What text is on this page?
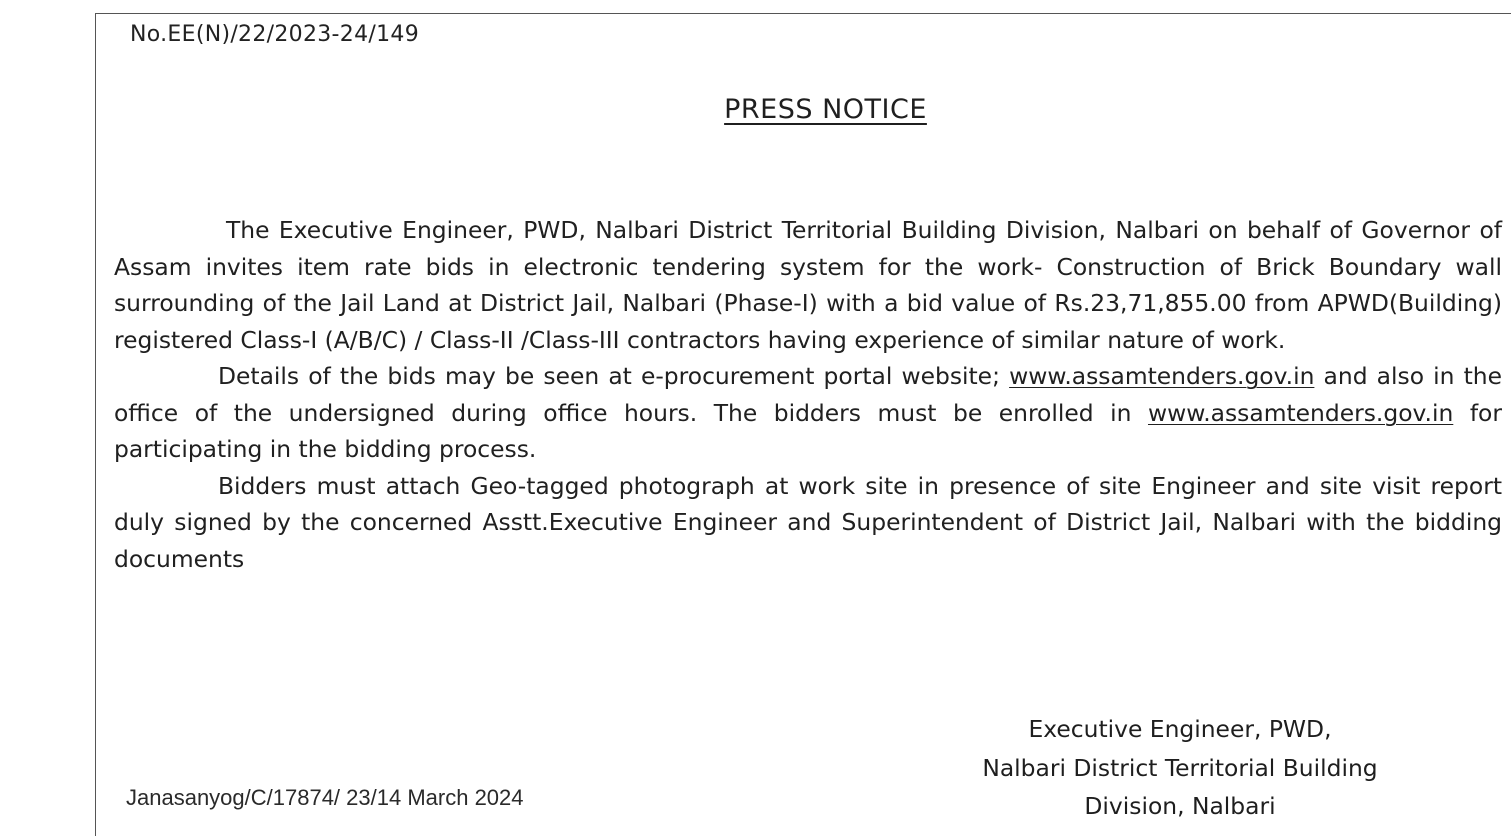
No.EE(N)/22/2023-24/149
PRESS NOTICE

The Executive Engineer, PWD, Nalbari District Territorial Building Division, Nalbari on behalf of Governor of Assam invites item rate bids in electronic tendering system for the work- Construction of Brick Boundary wall surrounding of the Jail Land at District Jail, Nalbari (Phase-I) with a bid value of Rs.23,71,855.00 from APWD(Building) registered Class-I (A/B/C) / Class-II /Class-III contractors having experience of similar nature of work.

Details of the bids may be seen at e-procurement portal website; www.assamtenders.gov.in and also in the office of the undersigned during office hours. The bidders must be enrolled in www.assamtenders.gov.in for participating in the bidding process.

Bidders must attach Geo-tagged photograph at work site in presence of site Engineer and site visit report duly signed by the concerned Asstt.Executive Engineer and Superintendent of District Jail, Nalbari with the bidding documents

Janasanyog/C/17874/ 23/14 March 2024
Executive Engineer, PWD,
Nalbari District Territorial Building
Division, Nalbari
